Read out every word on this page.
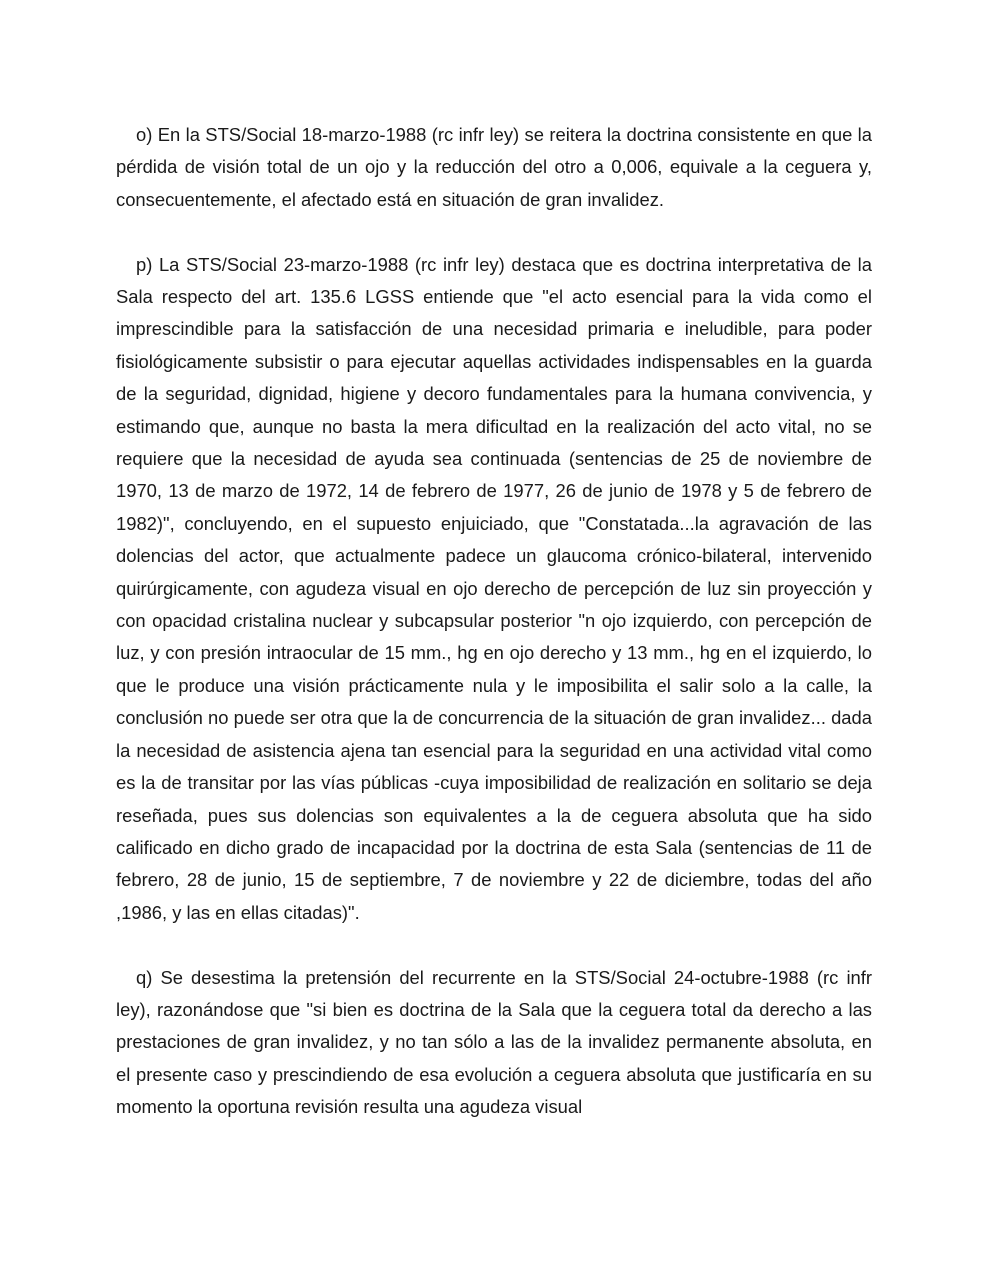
o) En la STS/Social 18-marzo-1988 (rc infr ley) se reitera la doctrina consistente en que la pérdida de visión total de un ojo y la reducción del otro a 0,006, equivale a la ceguera y, consecuentemente, el afectado está en situación de gran invalidez.

p) La STS/Social 23-marzo-1988 (rc infr ley) destaca que es doctrina interpretativa de la Sala respecto del art. 135.6 LGSS entiende que "el acto esencial para la vida como el imprescindible para la satisfacción de una necesidad primaria e ineludible, para poder fisiológicamente subsistir o para ejecutar aquellas actividades indispensables en la guarda de la seguridad, dignidad, higiene y decoro fundamentales para la humana convivencia, y estimando que, aunque no basta la mera dificultad en la realización del acto vital, no se requiere que la necesidad de ayuda sea continuada (sentencias de 25 de noviembre de 1970, 13 de marzo de 1972, 14 de febrero de 1977, 26 de junio de 1978 y 5 de febrero de 1982)", concluyendo, en el supuesto enjuiciado, que "Constatada...la agravación de las dolencias del actor, que actualmente padece un glaucoma crónico-bilateral, intervenido quirúrgicamente, con agudeza visual en ojo derecho de percepción de luz sin proyección y con opacidad cristalina nuclear y subcapsular posterior "n ojo izquierdo, con percepción de luz, y con presión intraocular de 15 mm., hg en ojo derecho y 13 mm., hg en el izquierdo, lo que le produce una visión prácticamente nula y le imposibilita el salir solo a la calle, la conclusión no puede ser otra que la de concurrencia de la situación de gran invalidez... dada la necesidad de asistencia ajena tan esencial para la seguridad en una actividad vital como es la de transitar por las vías públicas -cuya imposibilidad de realización en solitario se deja reseñada, pues sus dolencias son equivalentes a la de ceguera absoluta que ha sido calificado en dicho grado de incapacidad por la doctrina de esta Sala (sentencias de 11 de febrero, 28 de junio, 15 de septiembre, 7 de noviembre y 22 de diciembre, todas del año ,1986, y las en ellas citadas)".

q) Se desestima la pretensión del recurrente en la STS/Social 24-octubre-1988 (rc infr ley), razonándose que "si bien es doctrina de la Sala que la ceguera total da derecho a las prestaciones de gran invalidez, y no tan sólo a las de la invalidez permanente absoluta, en el presente caso y prescindiendo de esa evolución a ceguera absoluta que justificaría en su momento la oportuna revisión resulta una agudeza visual
